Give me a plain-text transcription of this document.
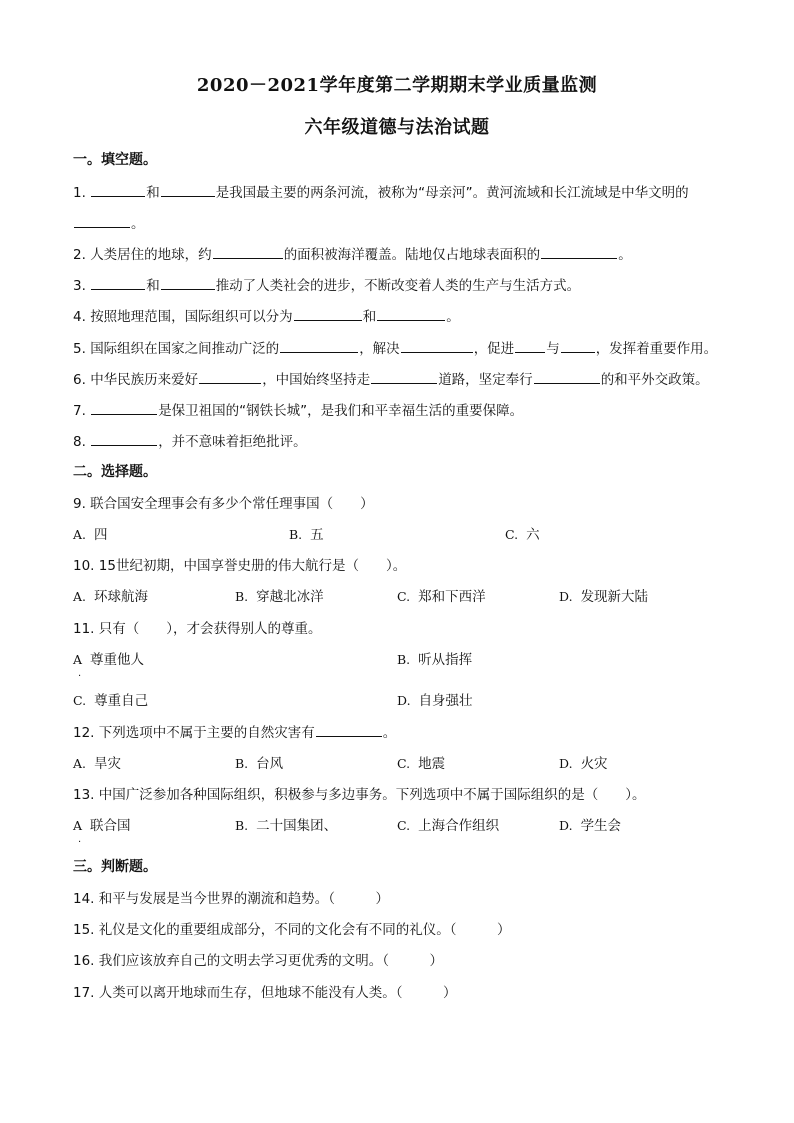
2020－2021学年度第二学期期末学业质量监测
六年级道德与法治试题
一。填空题。
1.	和	是我国最主要的两条河流，被称为“母亲河”。黄河流域和长江流域是中华文明的
。
2. 人类居住的地球，约	的面积被海洋覆盖。陆地仅占地球表面积的	。
3.	和	推动了人类社会的进步，不断改变着人类的生产与生活方式。
4. 按照地理范围，国际组织可以分为	和	。
5. 国际组织在国家之间推动广泛的	，解决	，促进 与	，发挥着重要作用。
6. 中华民族历来爱好	，中国始终坚持走	道路，坚定奉行	的和平外交政策。
7.	是保卫祖国的“钢铁长城”，是我们和平幸福生活的重要保障。
8.	，并不意味着拒绝批评。
二。选择题。
9. 联合国安全理事会有多少个常任理事国（　　）
A. 四	B. 五	C. 六
10. 15世纪初期，中国享誉史册的伟大航行是（　　）。
A. 环球航海	B. 穿越北冰洋	C. 郑和下西洋	D. 发现新大陆
11. 只有（　　），才会获得别人的尊重。
A 尊重他人
·
B. 听从指挥
C. 尊重自己	D. 自身强壮
12. 下列选项中不属于主要的自然灾害有	。
A. 旱灾	B. 台风	C. 地震	D. 火灾
13. 中国广泛参加各种国际组织，积极参与多边事务。下列选项中不属于国际组织的是（　　）。
A 联合国
·
B. 二十国集团、	C. 上海合作组织	D. 学生会
三。判断题。
14. 和平与发展是当今世界的潮流和趋势。（　　　）
15. 礼仪是文化的重要组成部分，不同的文化会有不同的礼仪。（　　　）
16. 我们应该放弃自己的文明去学习更优秀的文明。（　　　）
17. 人类可以离开地球而生存，但地球不能没有人类。（　　　）
